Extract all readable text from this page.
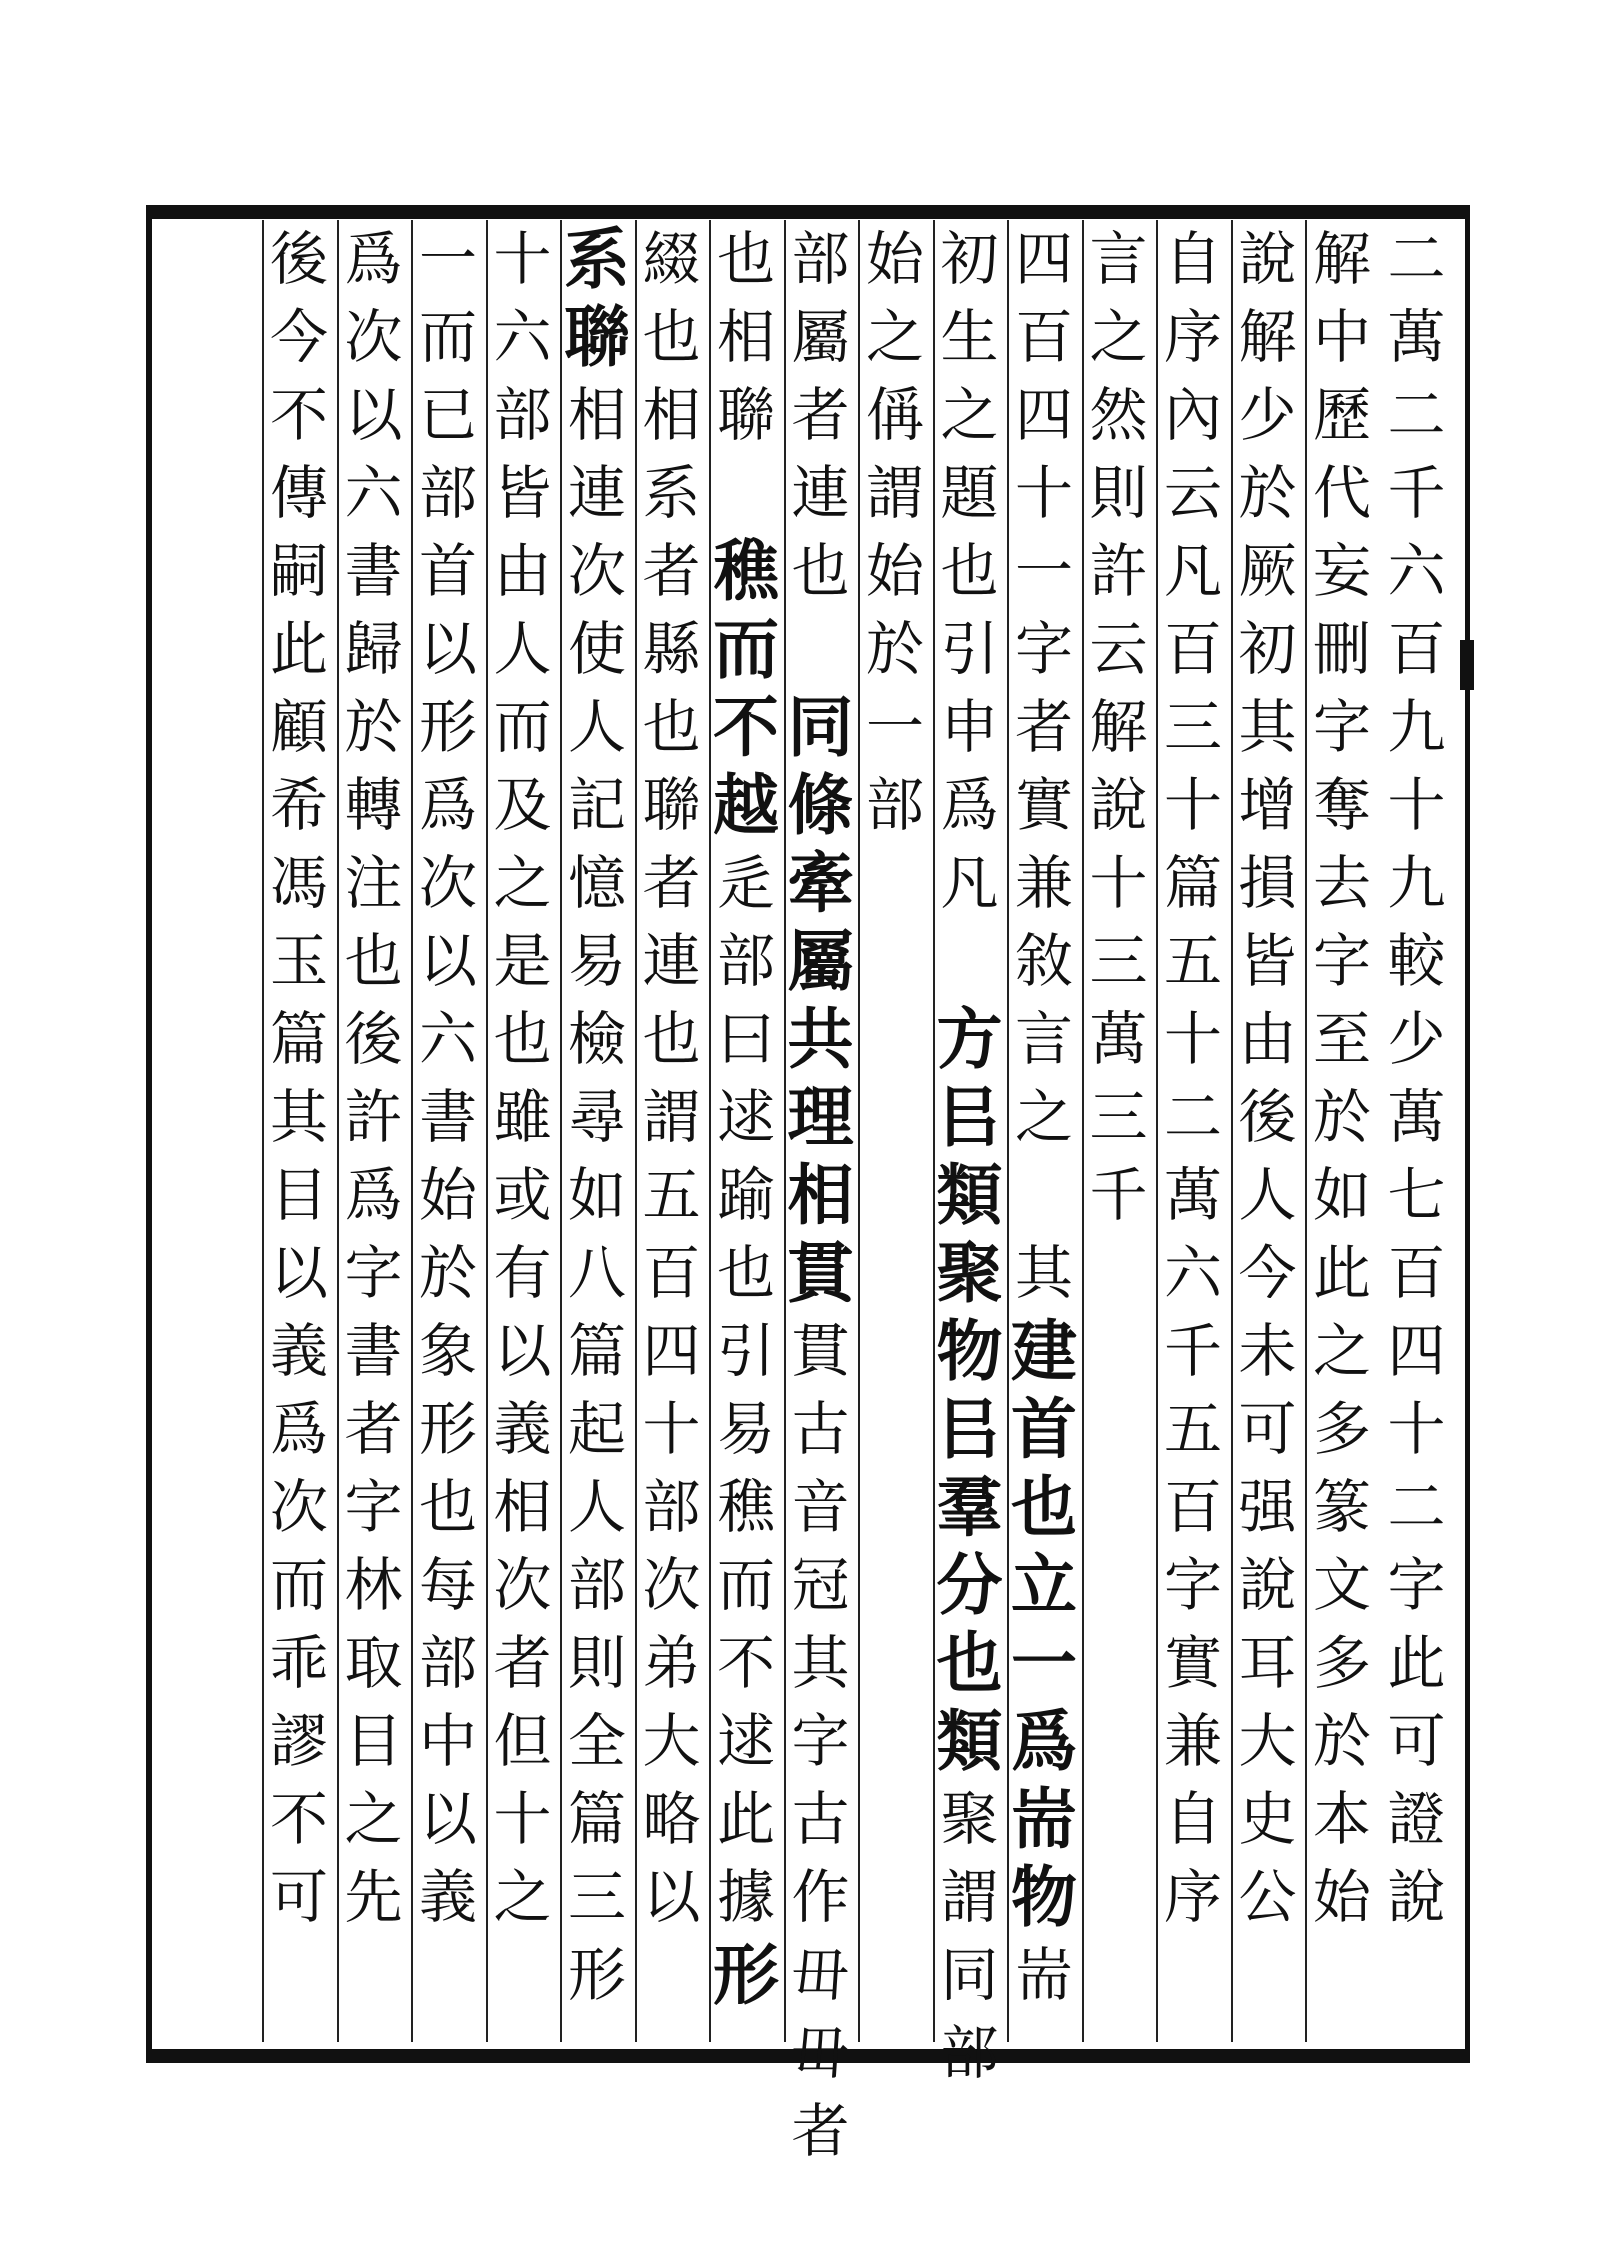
二
萬
二
千
六
百
九
十
九
較
少
萬
七
百
四
十
二
字
此
可
證
說
解
中
歷
代
妄
刪
字
奪
去
字
至
於
如
此
之
多
篆
文
多
於
本
始
說
解
少
於
厥
初
其
增
損
皆
由
後
人
今
未
可
强
說
耳
大
史
公
自
序
內
云
凡
百
三
十
篇
五
十
二
萬
六
千
五
百
字
實
兼
自
序
言
之
然
則
許
云
解
說
十
三
萬
三
千
四
百
四
十
一
字
者
實
兼
敘
言
之
其
建
首
也
立
一
爲
耑
物
耑
初
生
之
題
也
引
申
爲
凡
方
㠯
類
聚
物
㠯
羣
分
也
類
聚
謂
同
部
始
之
偁
謂
始
於
一
部
部
屬
者
連
也
同
條
牽
屬
共
理
相
貫
貫
古
音
冠
其
字
古
作
毌
毌
者
也
相
聯
穛
而
不
越
辵
部
曰
逑
踰
也
引
易
穛
而
不
逑
此
據
形
綴
也
相
系
者
縣
也
聯
者
連
也
謂
五
百
四
十
部
次
弟
大
略
以
系
聯
相
連
次
使
人
記
憶
易
檢
尋
如
八
篇
起
人
部
則
全
篇
三
形
十
六
部
皆
由
人
而
及
之
是
也
雖
或
有
以
義
相
次
者
但
十
之
一
而
已
部
首
以
形
爲
次
以
六
書
始
於
象
形
也
每
部
中
以
義
爲
次
以
六
書
歸
於
轉
注
也
後
許
爲
字
書
者
字
林
取
目
之
先
後
今
不
傳
嗣
此
顧
希
馮
玉
篇
其
目
以
義
爲
次
而
乖
謬
不
可
